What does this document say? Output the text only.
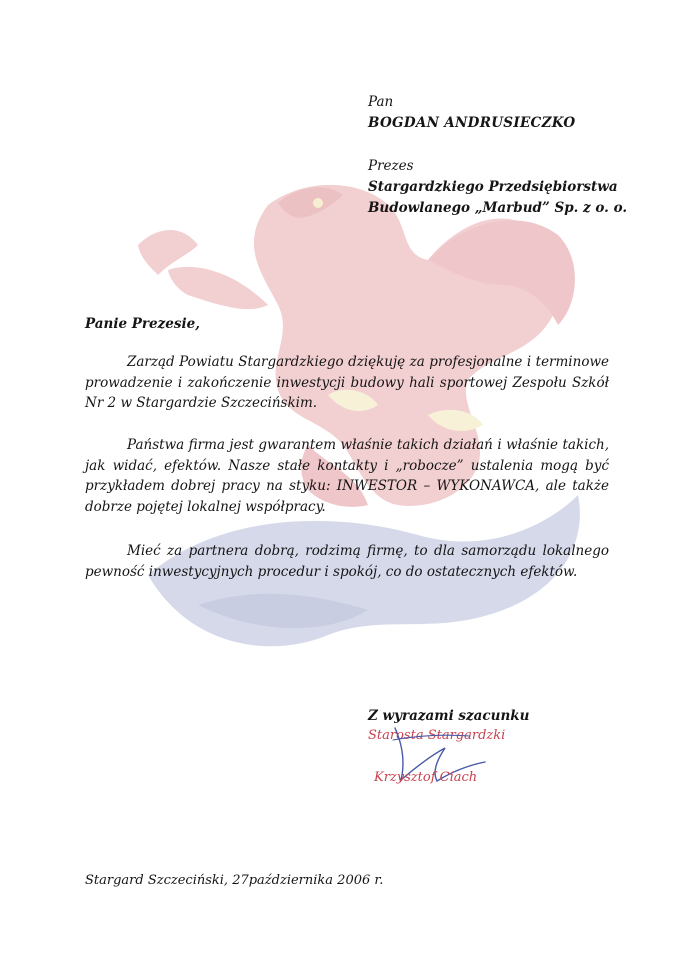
Pan
BOGDAN ANDRUSIECZKO
Prezes
Stargardzkiego Przedsiębiorstwa
Budowlanego „Marbud” Sp. z o. o.
Panie Prezesie,
Zarząd Powiatu Stargardzkiego dziękuję za profesjonalne i terminowe prowadzenie i zakończenie inwestycji budowy hali sportowej Zespołu Szkół Nr 2 w Stargardzie Szczecińskim.
Państwa firma jest gwarantem właśnie takich działań i właśnie takich, jak widać, efektów. Nasze stałe kontakty i „robocze” ustalenia mogą być przykładem dobrej pracy na styku: INWESTOR – WYKONAWCA, ale także dobrze pojętej lokalnej współpracy.
Mieć za partnera dobrą, rodzimą firmę, to dla samorządu lokalnego pewność inwestycyjnych procedur i spokój, co do ostatecznych efektów.
Z wyrazami szacunku
Starosta Stargardzki
Krzysztof Ciach
Stargard Szczeciński, 27października 2006 r.
